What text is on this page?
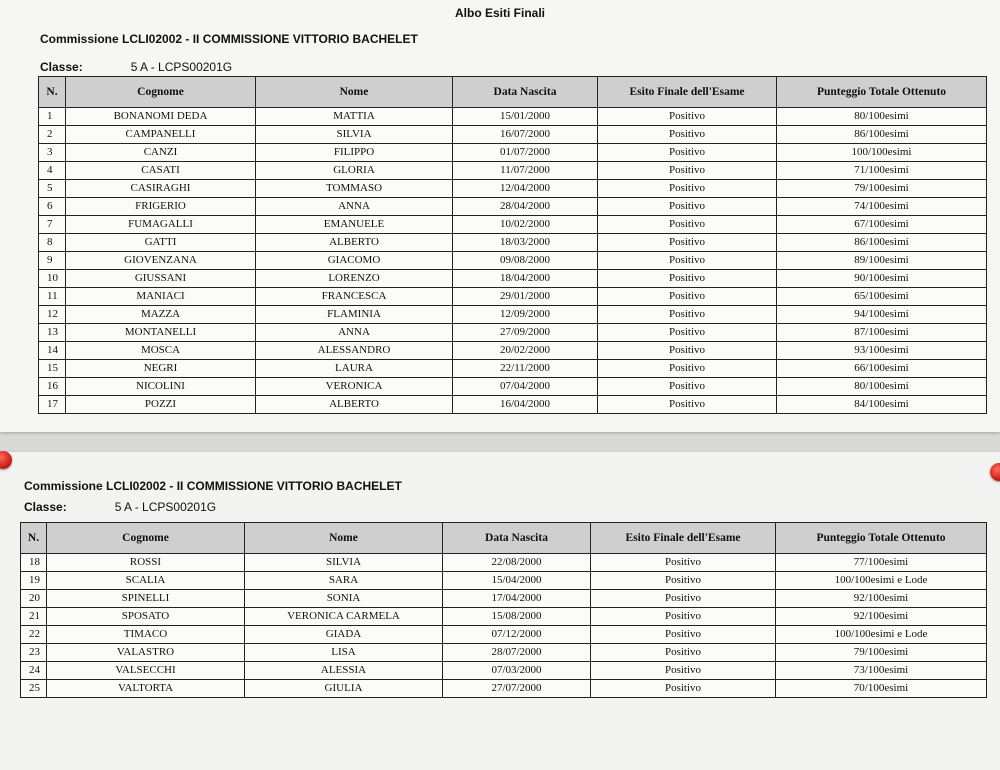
Albo Esiti Finali
Commissione LCLI02002 - II COMMISSIONE VITTORIO BACHELET
Classe:	5 A - LCPS00201G
N.	Cognome	Nome	Data Nascita	Esito Finale dell'Esame	Punteggio Totale Ottenuto
1	BONANOMI DEDA	MATTIA	15/01/2000	Positivo	80/100esimi
2	CAMPANELLI	SILVIA	16/07/2000	Positivo	86/100esimi
3	CANZI	FILIPPO	01/07/2000	Positivo	100/100esimi
4	CASATI	GLORIA	11/07/2000	Positivo	71/100esimi
5	CASIRAGHI	TOMMASO	12/04/2000	Positivo	79/100esimi
6	FRIGERIO	ANNA	28/04/2000	Positivo	74/100esimi
7	FUMAGALLI	EMANUELE	10/02/2000	Positivo	67/100esimi
8	GATTI	ALBERTO	18/03/2000	Positivo	86/100esimi
9	GIOVENZANA	GIACOMO	09/08/2000	Positivo	89/100esimi
10	GIUSSANI	LORENZO	18/04/2000	Positivo	90/100esimi
11	MANIACI	FRANCESCA	29/01/2000	Positivo	65/100esimi
12	MAZZA	FLAMINIA	12/09/2000	Positivo	94/100esimi
13	MONTANELLI	ANNA	27/09/2000	Positivo	87/100esimi
14	MOSCA	ALESSANDRO	20/02/2000	Positivo	93/100esimi
15	NEGRI	LAURA	22/11/2000	Positivo	66/100esimi
16	NICOLINI	VERONICA	07/04/2000	Positivo	80/100esimi
17	POZZI	ALBERTO	16/04/2000	Positivo	84/100esimi
Commissione LCLI02002 - II COMMISSIONE VITTORIO BACHELET
Classe:	5 A - LCPS00201G
N.	Cognome	Nome	Data Nascita	Esito Finale dell'Esame	Punteggio Totale Ottenuto
18	ROSSI	SILVIA	22/08/2000	Positivo	77/100esimi
19	SCALIA	SARA	15/04/2000	Positivo	100/100esimi e Lode
20	SPINELLI	SONIA	17/04/2000	Positivo	92/100esimi
21	SPOSATO	VERONICA CARMELA	15/08/2000	Positivo	92/100esimi
22	TIMACO	GIADA	07/12/2000	Positivo	100/100esimi e Lode
23	VALASTRO	LISA	28/07/2000	Positivo	79/100esimi
24	VALSECCHI	ALESSIA	07/03/2000	Positivo	73/100esimi
25	VALTORTA	GIULIA	27/07/2000	Positivo	70/100esimi
